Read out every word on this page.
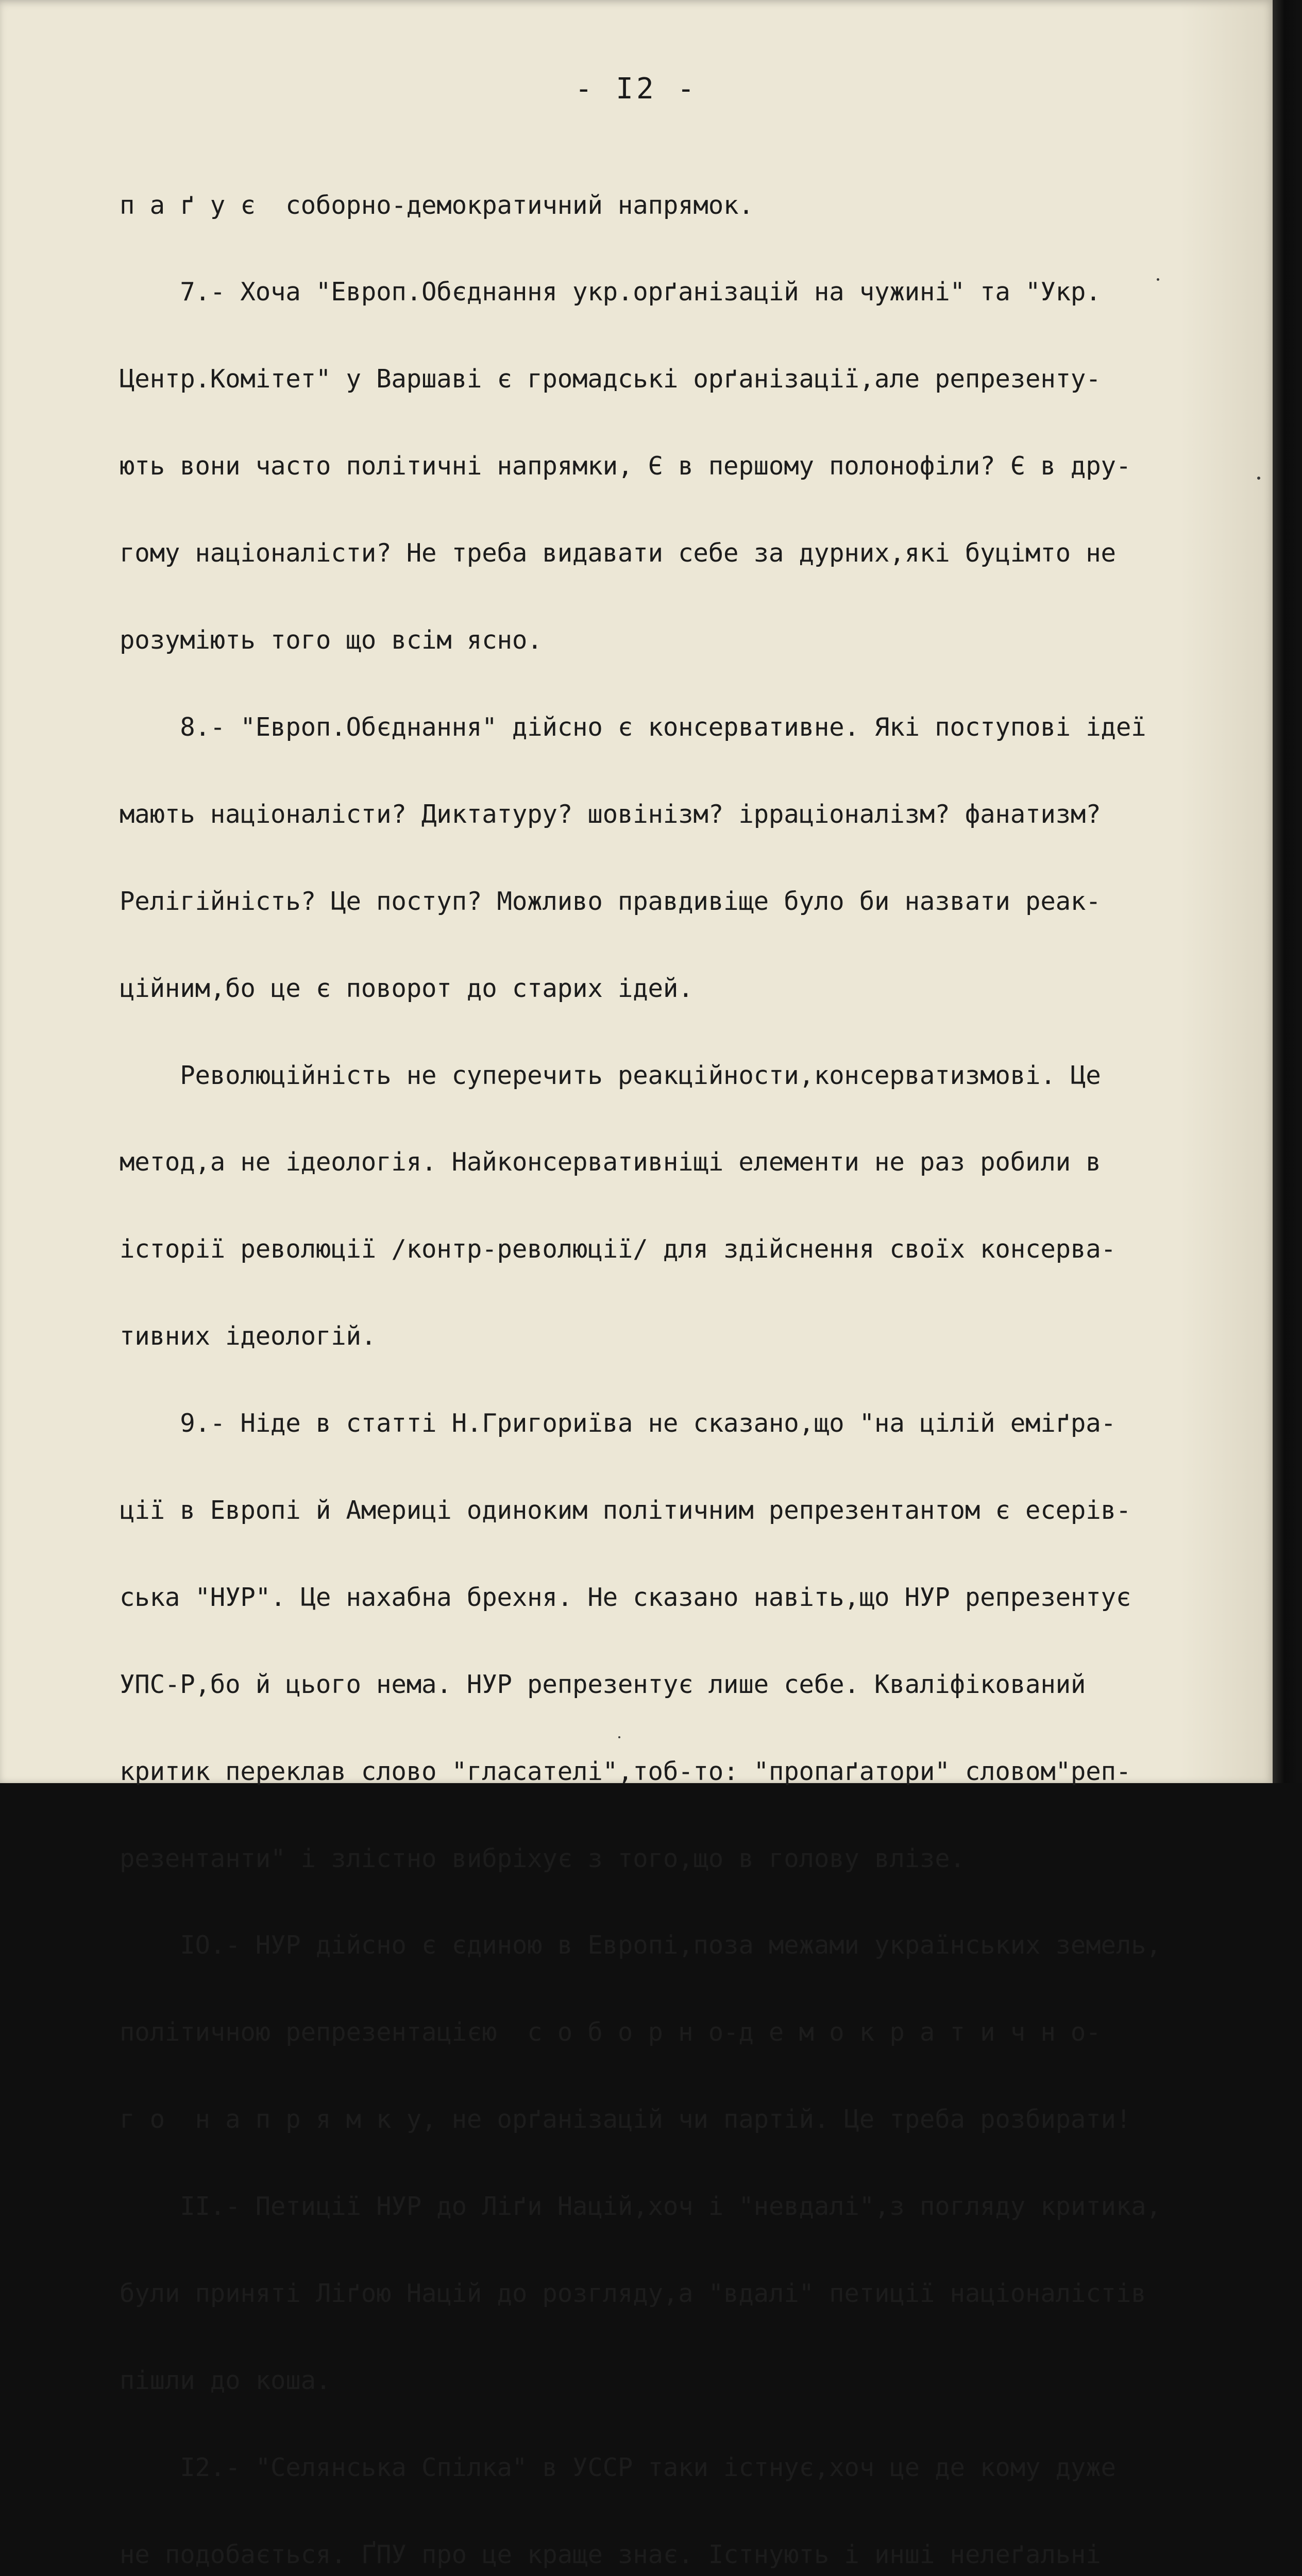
- I2 -

п а ґ у є  соборно-демократичний напрямок.

7.- Хоча "Европ.Обєднання укр.орґанізацій на чужині" та "Укр.

Центр.Комітет" у Варшаві є громадські орґанізації,але репрезенту-

ють вони часто політичні напрямки, Є в першому полонофіли? Є в дру-

гому націоналісти? Не треба видавати себе за дурних,які буцімто не

розуміють того що всім ясно.

8.- "Европ.Обєднання" дійсно є консервативне. Які поступові ідеї

мають націоналісти? Диктатуру? шовінізм? ірраціоналізм? фанатизм?

Релігійність? Це поступ? Можливо правдивіще було би назвати реак-

ційним,бо це є поворот до старих ідей.

Революційність не суперечить реакційности,консерватизмові. Це

метод,а не ідеологія. Найконсервативніщі елементи не раз робили в

історії революції /контр-революції/ для здійснення своїх консерва-

тивних ідеологій.

9.- Ніде в статті Н.Григориїва не сказано,що "на цілій еміґра-

ції в Европі й Америці одиноким політичним репрезентантом є есерів-

ська "НУР". Це нахабна брехня. Не сказано навіть,що НУР репрезентує

УПС-Р,бо й цього нема. НУР репрезентує лише себе. Кваліфікований

критик переклав слово "гласателі",тоб-то: "пропаґатори" словом"реп-

резентанти" і злістно вибріхує з того,що в голову влізе.

IO.- НУР дійсно є єдиною в Европі,поза межами українських земель,

політичною репрезентацією  с о б о р н о-д е м о к р а т и ч н о-

г о  н а п р я м к у, не орґанізацій чи партій. Це треба розбирати!

II.- Петиції НУР до Ліґи Націй,хоч і "невдалі",з погляду критика,

були приняті Ліґою Націй до розгляду,а "вдалі" петиції націоналістів

пішли до коша.

I2.- "Селянська Спілка" в УССР таки істнує,хоч це де кому дуже

не подобається. ҐПУ про це краще знає. Істнують і инші нелеґальні
